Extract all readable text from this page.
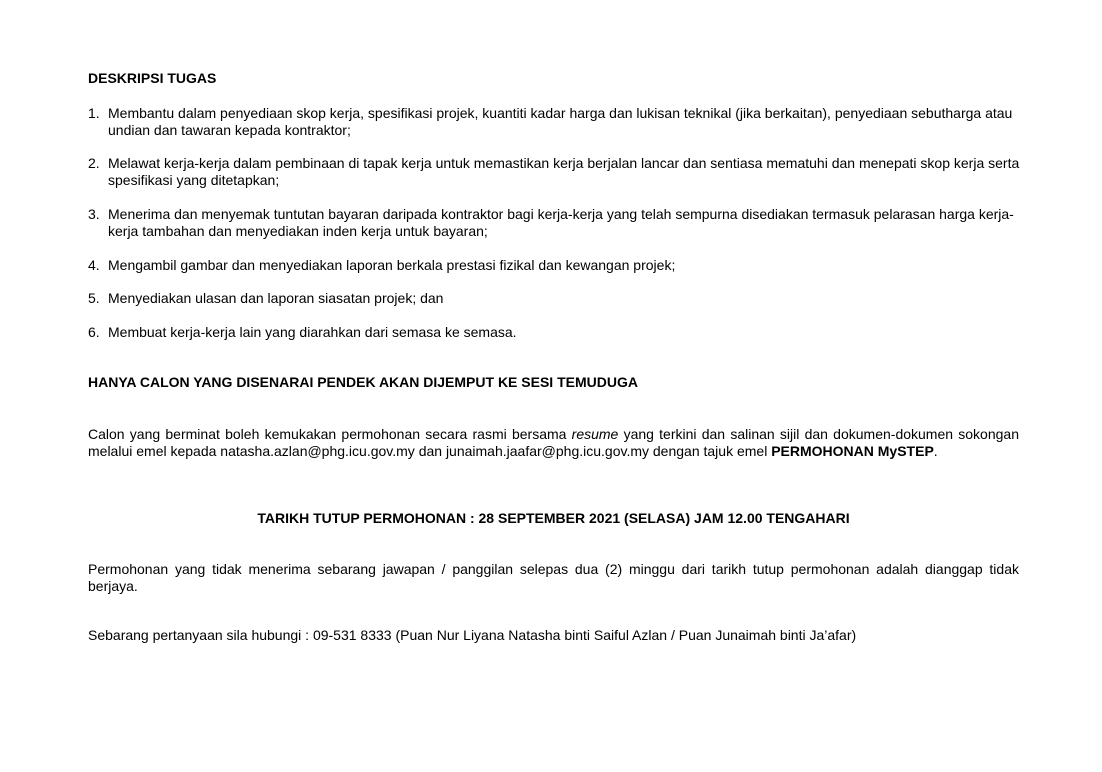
DESKRIPSI TUGAS
1. Membantu dalam penyediaan skop kerja, spesifikasi projek, kuantiti kadar harga dan lukisan teknikal (jika berkaitan), penyediaan sebutharga atau undian dan tawaran kepada kontraktor;
2. Melawat kerja-kerja dalam pembinaan di tapak kerja untuk memastikan kerja berjalan lancar dan sentiasa mematuhi dan menepati skop kerja serta spesifikasi yang ditetapkan;
3. Menerima dan menyemak tuntutan bayaran daripada kontraktor bagi kerja-kerja yang telah sempurna disediakan termasuk pelarasan harga kerja-kerja tambahan dan menyediakan inden kerja untuk bayaran;
4. Mengambil gambar dan menyediakan laporan berkala prestasi fizikal dan kewangan projek;
5. Menyediakan ulasan dan laporan siasatan projek; dan
6. Membuat kerja-kerja lain yang diarahkan dari semasa ke semasa.
HANYA CALON YANG DISENARAI PENDEK AKAN DIJEMPUT KE SESI TEMUDUGA
Calon yang berminat boleh kemukakan permohonan secara rasmi bersama resume yang terkini dan salinan sijil dan dokumen-dokumen sokongan melalui emel kepada natasha.azlan@phg.icu.gov.my dan junaimah.jaafar@phg.icu.gov.my dengan tajuk emel PERMOHONAN MySTEP.
TARIKH TUTUP PERMOHONAN : 28 SEPTEMBER 2021 (SELASA) JAM 12.00 TENGAHARI
Permohonan yang tidak menerima sebarang jawapan / panggilan selepas dua (2) minggu dari tarikh tutup permohonan adalah dianggap tidak berjaya.
Sebarang pertanyaan sila hubungi : 09-531 8333 (Puan Nur Liyana Natasha binti Saiful Azlan / Puan Junaimah binti Ja’afar)
